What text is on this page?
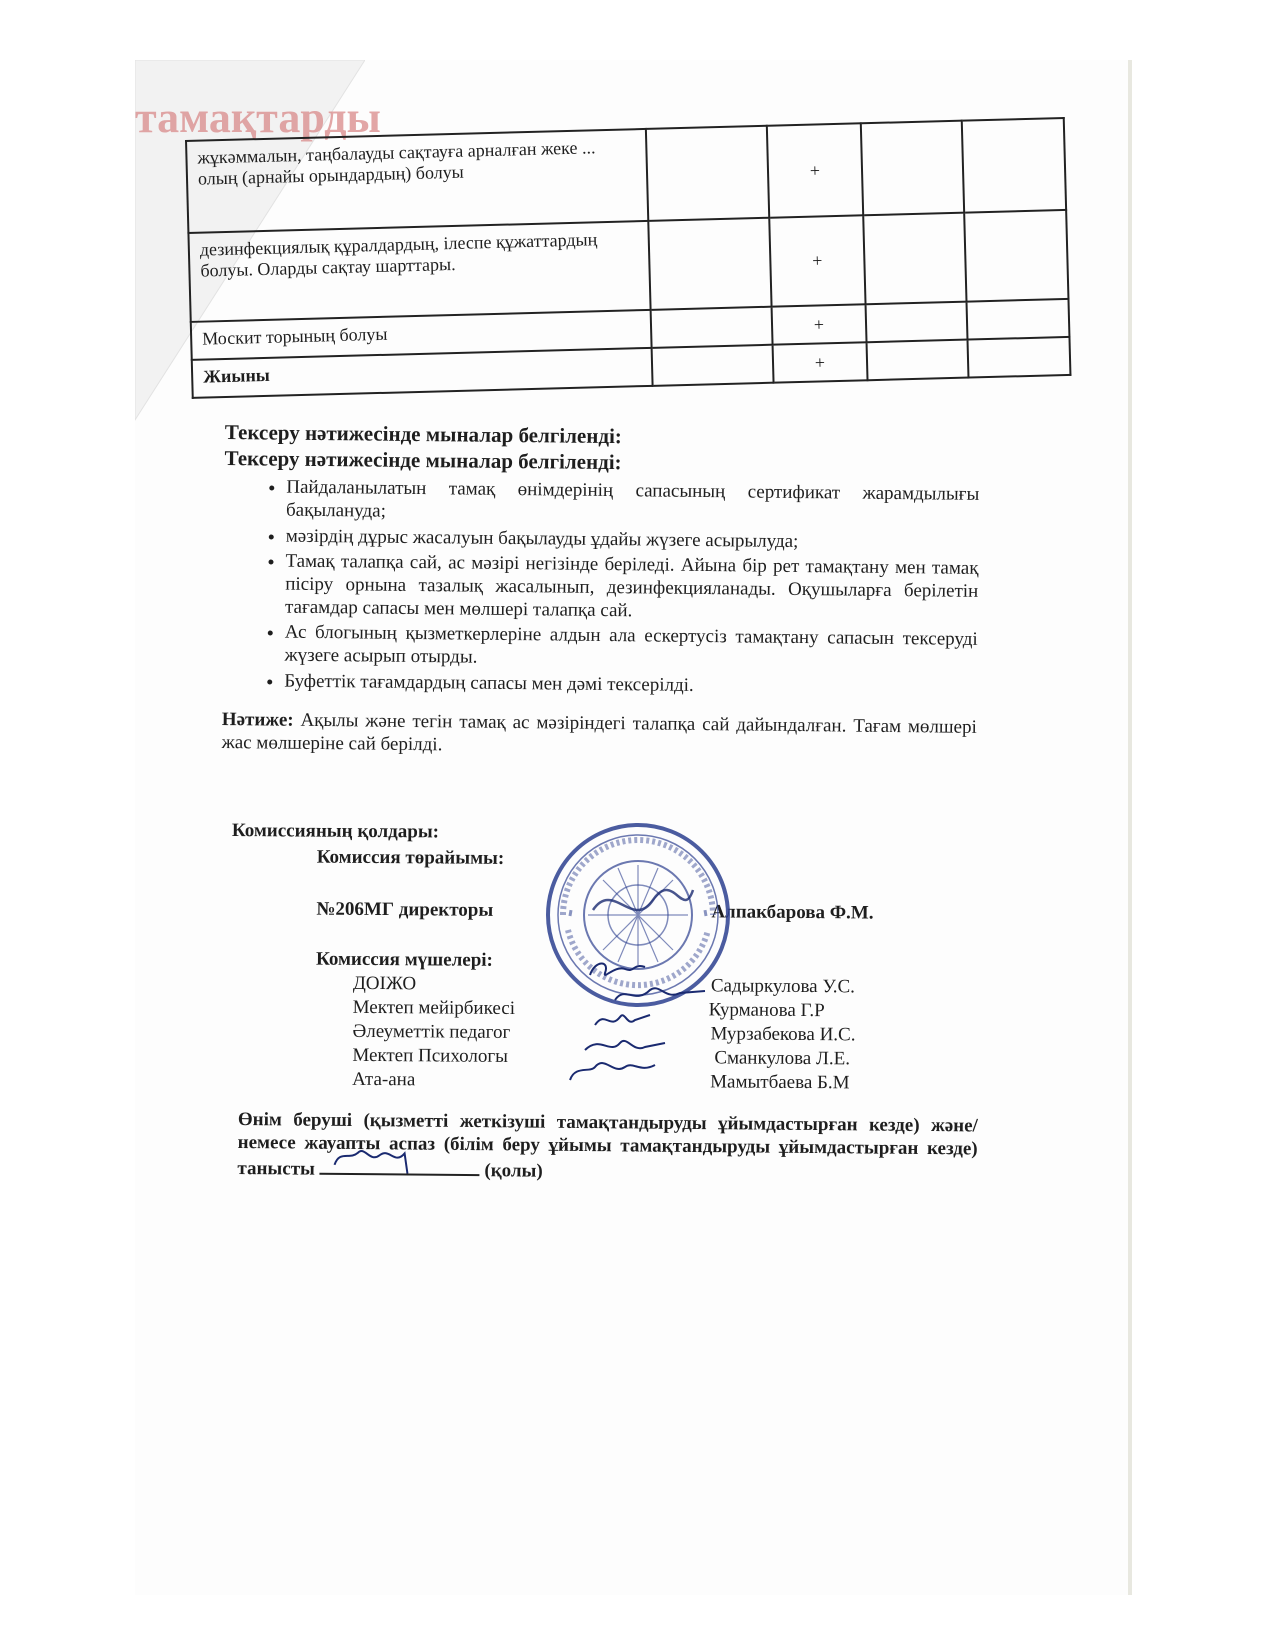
тамақтарды
жұкәммалын, таңбалауды сақтауға арналған жеке ... олың (арнайы орындардың) болуы		+		
дезинфекциялық құралдардың, ілеспе құжаттардың болуы. Оларды сақтау шарттары.		+		
Москит торының болуы		+		
Жиыны		+		

Тексеру нәтижесінде мыналар белгіленді:

Тексеру нәтижесінде мыналар белгіленді:

• Пайдаланылатын тамақ өнімдерінің сапасының сертификат жарамдылығы бақылануда;
• мәзірдің дұрыс жасалуын бақылауды ұдайы жүзеге асырылуда;
• Тамақ талапқа сай, ас мәзірі негізінде беріледі. Айына бір рет тамақтану мен тамақ пісіру орнына тазалық жасалынып, дезинфекцияланады. Оқушыларға берілетін тағамдар сапасы мен мөлшері талапқа сай.
• Ас блогының қызметкерлеріне алдын ала ескертусіз тамақтану сапасын тексеруді жүзеге асырып отырды.
• Буфеттік тағамдардың сапасы мен дәмі тексерілді.

Нәтиже: Ақылы және тегін тамақ ас мәзіріндегі талапқа сай дайындалған. Тағам мөлшері жас мөлшеріне сай берілді.

Комиссияның қолдары:
Комиссия төрайымы:
№206МГ директоры	Алпакбарова Ф.М.
Комиссия мүшелері:
ДОІЖО	Садыркулова У.С.
Мектеп мейірбикесі	Курманова Г.Р
Әлеуметтік педагог	Мурзабекова И.С.
Мектеп Психологы	Сманкулова Л.Е.
Ата-ана	Мамытбаева Б.М
Өнім беруші (қызметті жеткізуші тамақтандыруды ұйымдастырған кезде) және/немесе жауапты аспаз (білім беру ұйымы тамақтандыруды ұйымдастырған кезде) танысты	(қолы)
